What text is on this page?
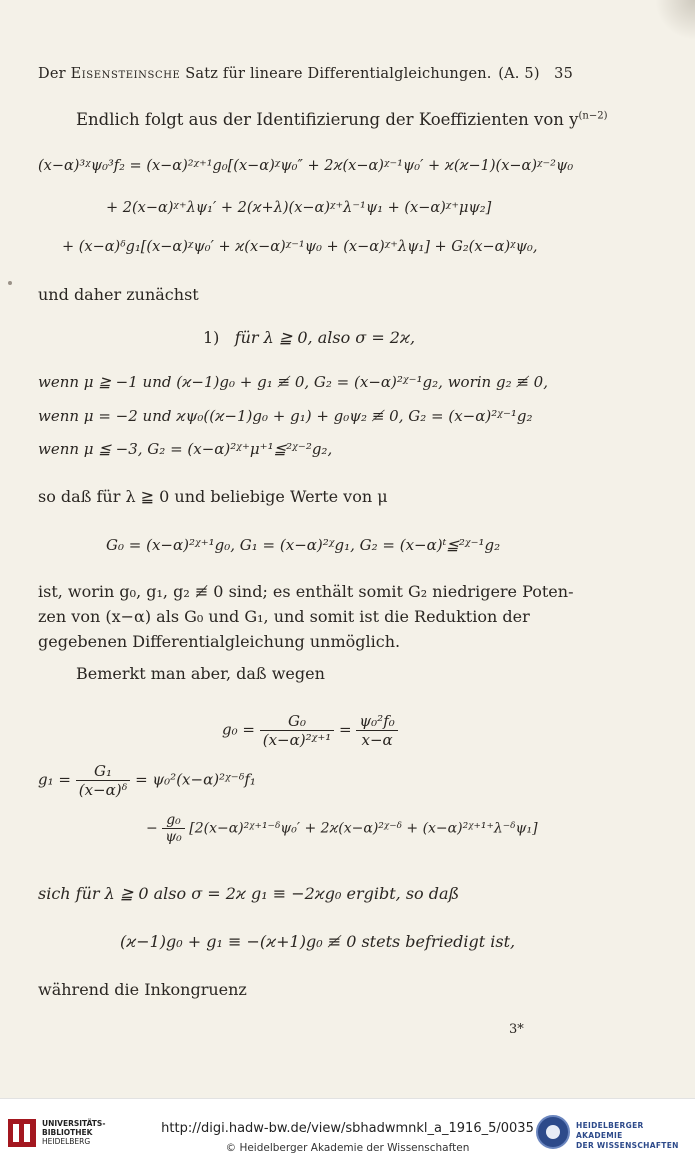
Der Eisensteinsche Satz für lineare Differentialgleichungen. (A. 5) 35
Endlich folgt aus der Identifizierung der Koeffizienten von $y^{(n-2)}$
(x−α)³ᵡψ₀³f₂ = (x−α)²ᵡ⁺¹g₀[(x−α)ᵡψ₀″ + 2ϰ(x−α)ᵡ⁻¹ψ₀′ + ϰ(ϰ−1)(x−α)ᵡ⁻²ψ₀
+ 2(x−α)ᵡ⁺λψ₁′ + 2(ϰ+λ)(x−α)ᵡ⁺λ⁻¹ψ₁ + (x−α)ᵡ⁺μψ₂]
+ (x−α)ᵟg₁[(x−α)ᵡψ₀′ + ϰ(x−α)ᵡ⁻¹ψ₀ + (x−α)ᵡ⁺λψ₁] + G₂(x−α)ᵡψ₀,
und daher zunächst
1) für λ ≧ 0, also σ = 2ϰ,
wenn μ ≧ −1 und (ϰ−1)g₀ + g₁ ≢ 0, G₂ = (x−α)²ᵡ⁻¹g₂, worin g₂ ≢ 0,
wenn μ = −2 und ϰψ₀((ϰ−1)g₀ + g₁) + g₀ψ₂ ≢ 0, G₂ = (x−α)²ᵡ⁻¹g₂
wenn μ ≦ −3, G₂ = (x−α)²ᵡ⁺μ⁺¹≦²ᵡ⁻²g₂,
so daß für λ ≧ 0 und beliebige Werte von μ
G₀ = (x−α)²ᵡ⁺¹g₀, G₁ = (x−α)²ᵡg₁, G₂ = (x−α)ᵗ≦²ᵡ⁻¹g₂
ist, worin g₀, g₁, g₂ ≢ 0 sind; es enthält somit G₂ niedrigere Poten-
zen von (x−α) als G₀ und G₁, und somit ist die Reduktion der
gegebenen Differentialgleichung unmöglich.
Bemerkt man aber, daß wegen
$g_0 = \frac{\text{G₀}}{\text{(x−α)²ᵡ⁺¹}} = \frac{\text{ψ₀²f₀}}{x-\alpha}$
$g_1 = \frac{\text{G₁}}{\text{(x−α)ᵟ}}$ = ψ₀²(x−α)²ᵡ⁻ᵟf₁
− $\frac{\text{g₀}}{\text{ψ₀}}$ [2(x−α)²ᵡ⁺¹⁻ᵟψ₀′ + 2ϰ(x−α)²ᵡ⁻ᵟ + (x−α)²ᵡ⁺¹⁺λ⁻ᵟψ₁]
sich für λ ≧ 0 also σ = 2ϰ g₁ ≡ −2ϰg₀ ergibt, so daß
(ϰ−1)g₀ + g₁ ≡ −(ϰ+1)g₀ ≢ 0 stets befriedigt ist,
während die Inkongruenz
3*
UNIVERSITÄTS-
BIBLIOTHEK
HEIDELBERG
http://digi.hadw-bw.de/view/sbhadwmnkl_a_1916_5/0035
© Heidelberger Akademie der Wissenschaften
HEIDELBERGER AKADEMIE
DER WISSENSCHAFTEN
